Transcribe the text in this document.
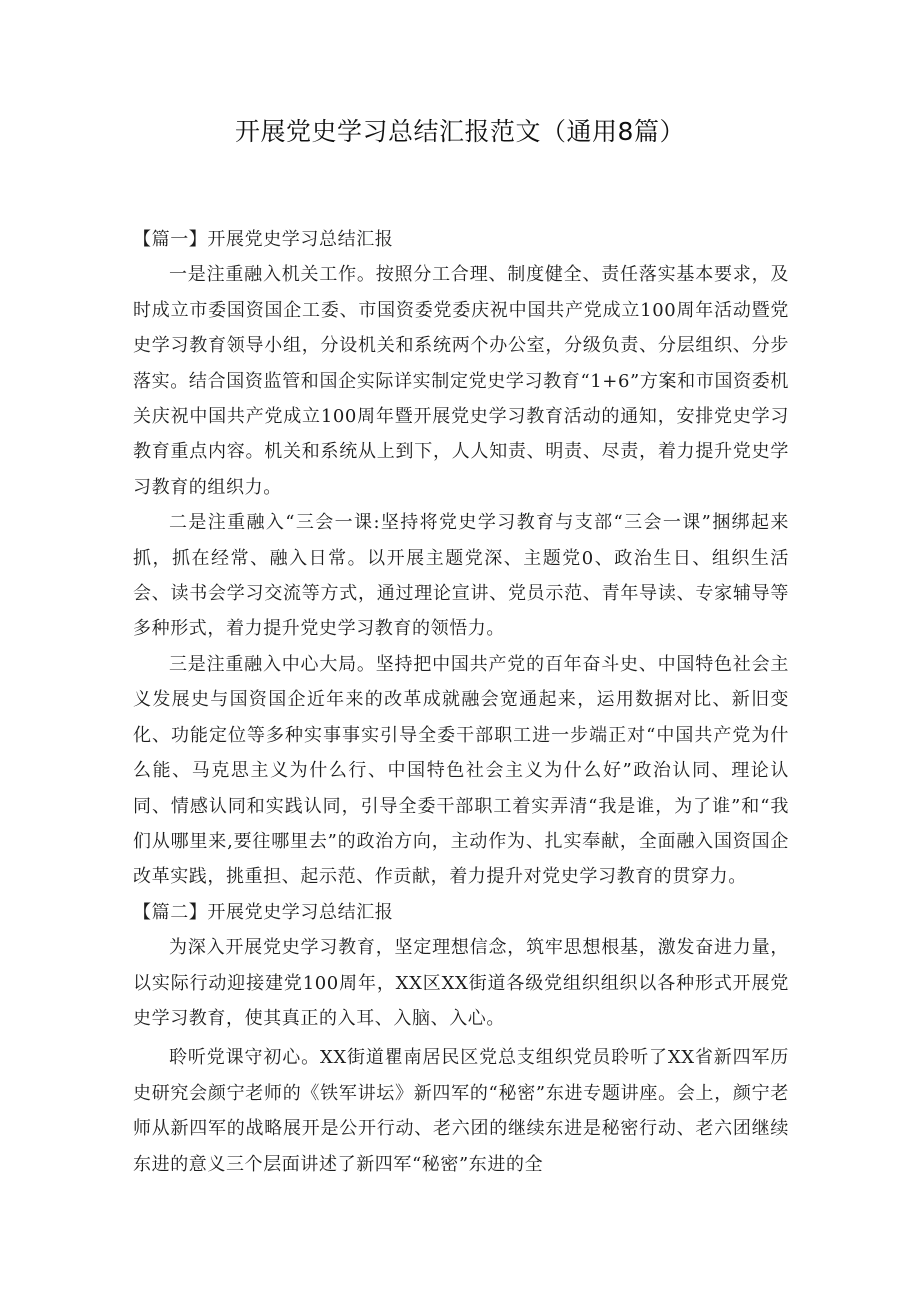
开展党史学习总结汇报范文（通用8篇）

【篇一】开展党史学习总结汇报

一是注重融入机关工作。按照分工合理、制度健全、责任落实基本要求，及时成立市委国资国企工委、市国资委党委庆祝中国共产党成立100周年活动暨党史学习教育领导小组，分设机关和系统两个办公室，分级负责、分层组织、分步落实。结合国资监管和国企实际详实制定党史学习教育“1+6”方案和市国资委机关庆祝中国共产党成立100周年暨开展党史学习教育活动的通知，安排党史学习教育重点内容。机关和系统从上到下，人人知责、明责、尽责，着力提升党史学习教育的组织力。

二是注重融入“三会一课:坚持将党史学习教育与支部“三会一课”捆绑起来抓，抓在经常、融入日常。以开展主题党深、主题党0、政治生日、组织生活会、读书会学习交流等方式，通过理论宣讲、党员示范、青年导读、专家辅导等多种形式，着力提升党史学习教育的领悟力。

三是注重融入中心大局。坚持把中国共产党的百年奋斗史、中国特色社会主义发展史与国资国企近年来的改革成就融会宽通起来，运用数据对比、新旧变化、功能定位等多种实事事实引导全委干部职工进一步端正对“中国共产党为什么能、马克思主义为什么行、中国特色社会主义为什么好”政治认同、理论认同、情感认同和实践认同，引导全委干部职工着实弄清“我是谁，为了谁”和“我们从哪里来,要往哪里去”的政治方向，主动作为、扎实奉献，全面融入国资国企改革实践，挑重担、起示范、作贡献，着力提升对党史学习教育的贯穿力。

【篇二】开展党史学习总结汇报

为深入开展党史学习教育，坚定理想信念，筑牢思想根基，激发奋进力量，以实际行动迎接建党100周年，XX区XX街道各级党组织组织以各种形式开展党史学习教育，使其真正的入耳、入脑、入心。

聆听党课守初心。XX街道瞿南居民区党总支组织党员聆听了XX省新四军历史研究会颜宁老师的《铁军讲坛》新四军的“秘密”东进专题讲座。会上，颜宁老师从新四军的战略展开是公开行动、老六团的继续东进是秘密行动、老六团继续东进的意义三个层面讲述了新四军“秘密”东进的全
